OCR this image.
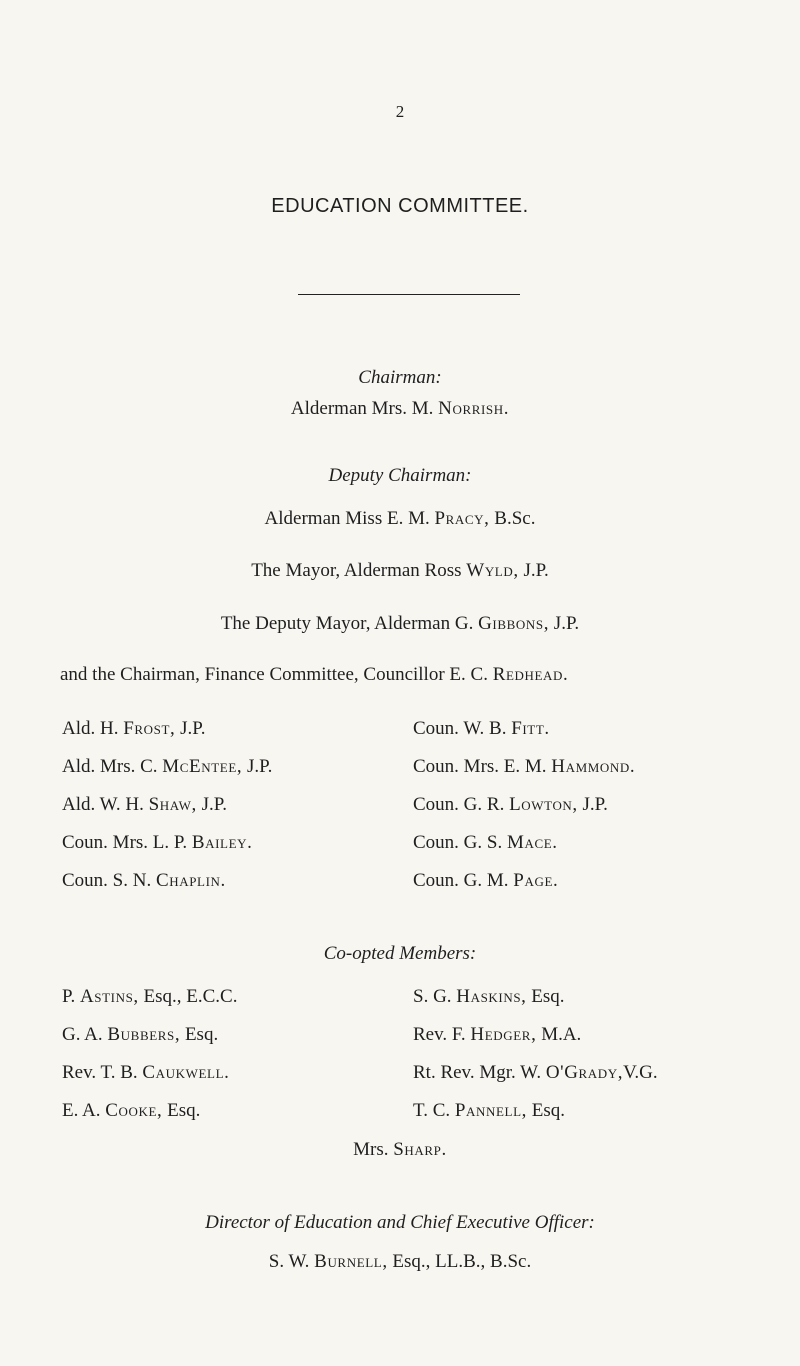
2
EDUCATION COMMITTEE.
Chairman:
Alderman Mrs. M. Norrish.
Deputy Chairman:
Alderman Miss E. M. Pracy, B.Sc.
The Mayor, Alderman Ross Wyld, J.P.
The Deputy Mayor, Alderman G. Gibbons, J.P.
and the Chairman, Finance Committee, Councillor E. C. Redhead.
Ald. H. Frost, J.P.
Ald. Mrs. C. McEntee, J.P.
Ald. W. H. Shaw, J.P.
Coun. Mrs. L. P. Bailey.
Coun. S. N. Chaplin.
Coun. W. B. Fitt.
Coun. Mrs. E. M. Hammond.
Coun. G. R. Lowton, J.P.
Coun. G. S. Mace.
Coun. G. M. Page.
Co-opted Members:
P. Astins, Esq., E.C.C.
G. A. Bubbers, Esq.
Rev. T. B. Caukwell.
E. A. Cooke, Esq.
S. G. Haskins, Esq.
Rev. F. Hedger, M.A.
Rt. Rev. Mgr. W. O'Grady,V.G.
T. C. Pannell, Esq.
Mrs. Sharp.
Director of Education and Chief Executive Officer:
S. W. Burnell, Esq., LL.B., B.Sc.
